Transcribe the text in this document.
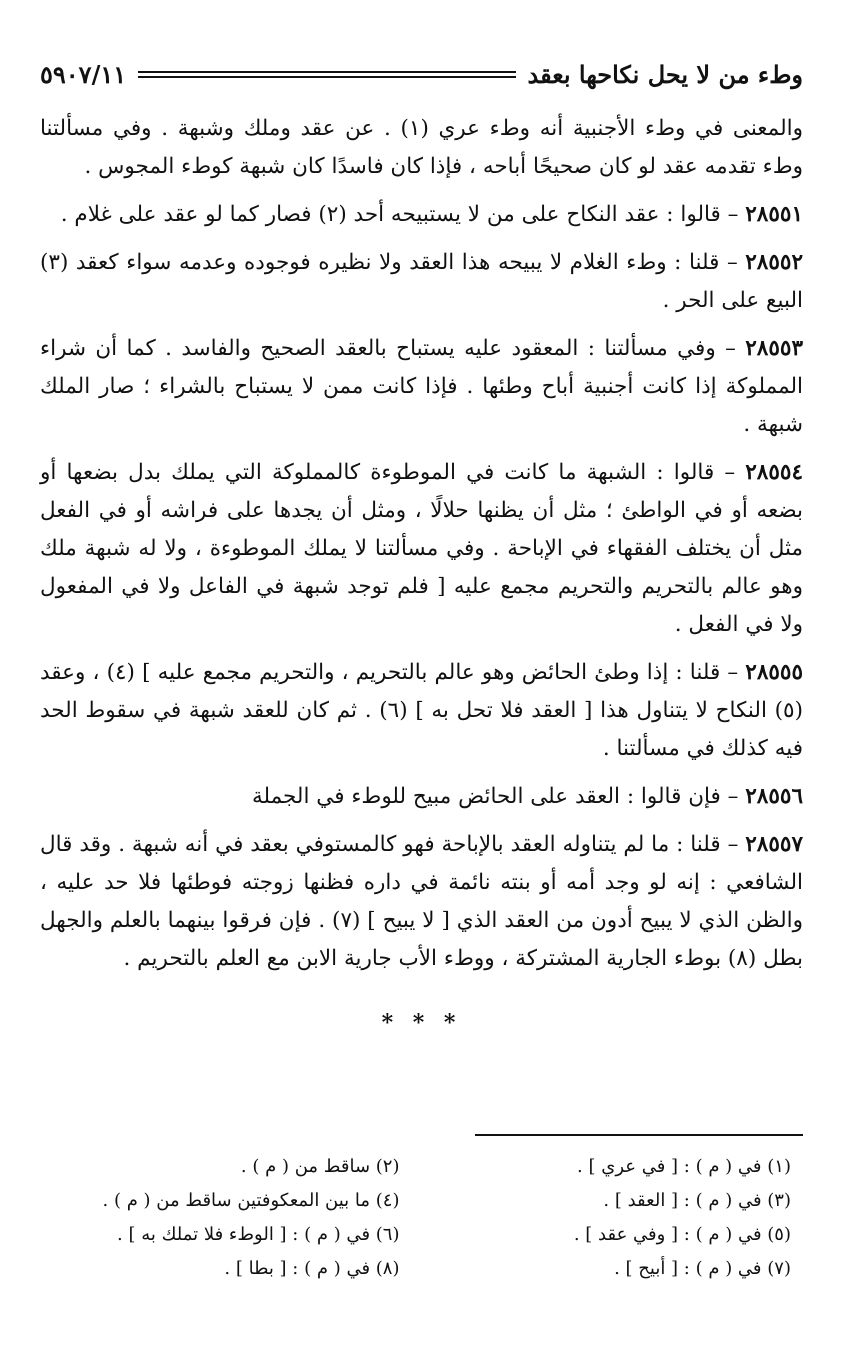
وطء من لا يحل نكاحها بعقد
٥٩٠٧/١١

والمعنى في وطء الأجنبية أنه وطء عري (١) . عن عقد وملك وشبهة . وفي مسألتنا وطء تقدمه عقد لو كان صحيحًا أباحه ، فإذا كان فاسدًا كان شبهة كوطء المجوس .

٢٨٥٥١ – قالوا : عقد النكاح على من لا يستبيحه أحد (٢) فصار كما لو عقد على غلام .

٢٨٥٥٢ – قلنا : وطء الغلام لا يبيحه هذا العقد ولا نظيره فوجوده وعدمه سواء كعقد (٣) البيع على الحر .

٢٨٥٥٣ – وفي مسألتنا : المعقود عليه يستباح بالعقد الصحيح والفاسد . كما أن شراء المملوكة إذا كانت أجنبية أباح وطئها . فإذا كانت ممن لا يستباح بالشراء ؛ صار الملك شبهة .

٢٨٥٥٤ – قالوا : الشبهة ما كانت في الموطوءة كالمملوكة التي يملك بدل بضعها أو بضعه أو في الواطئ ؛ مثل أن يظنها حلالًا ، ومثل أن يجدها على فراشه أو في الفعل مثل أن يختلف الفقهاء في الإباحة . وفي مسألتنا لا يملك الموطوءة ، ولا له شبهة ملك وهو عالم بالتحريم والتحريم مجمع عليه [ فلم توجد شبهة في الفاعل ولا في المفعول ولا في الفعل .

٢٨٥٥٥ – قلنا : إذا وطئ الحائض وهو عالم بالتحريم ، والتحريم مجمع عليه ] (٤) ، وعقد (٥) النكاح لا يتناول هذا [ العقد فلا تحل به ] (٦) . ثم كان للعقد شبهة في سقوط الحد فيه كذلك في مسألتنا .

٢٨٥٥٦ – فإن قالوا : العقد على الحائض مبيح للوطء في الجملة

٢٨٥٥٧ – قلنا : ما لم يتناوله العقد بالإباحة فهو كالمستوفي بعقد في أنه شبهة . وقد قال الشافعي : إنه لو وجد أمه أو بنته نائمة في داره فظنها زوجته فوطئها فلا حد عليه ، والظن الذي لا يبيح أدون من العقد الذي [ لا يبيح ] (٧) . فإن فرقوا بينهما بالعلم والجهل بطل (٨) بوطء الجارية المشتركة ، ووطء الأب جارية الابن مع العلم بالتحريم .

* * *
(١) في ( م ) : [ في عري ] .
(٢) ساقط من ( م ) .
(٣) في ( م ) : [ العقد ] .
(٤) ما بين المعكوفتين ساقط من ( م ) .
(٥) في ( م ) : [ وفي عقد ] .
(٦) في ( م ) : [ الوطء فلا تملك به ] .
(٧) في ( م ) : [ أبيح ] .
(٨) في ( م ) : [ بطا ] .
